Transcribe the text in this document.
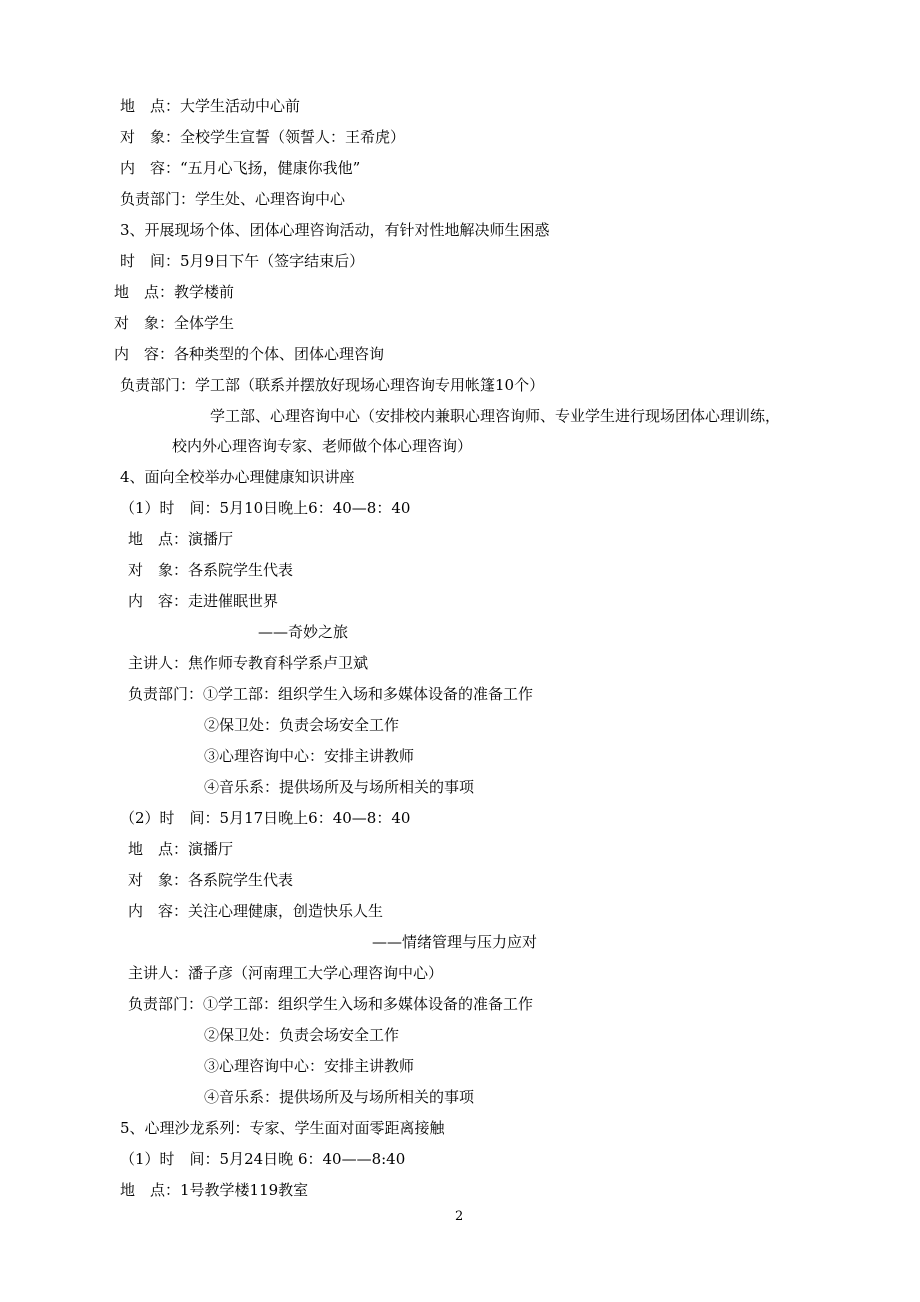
地　点：大学生活动中心前
对　象：全校学生宣誓（领誓人：王希虎）
内　容：“五月心飞扬，健康你我他”
负责部门：学生处、心理咨询中心
3、开展现场个体、团体心理咨询活动，有针对性地解决师生困惑
时　间：5月9日下午（签字结束后）
地　点：教学楼前
对　象：全体学生
内　容：各种类型的个体、团体心理咨询
负责部门：学工部（联系并摆放好现场心理咨询专用帐篷10个）
学工部、心理咨询中心（安排校内兼职心理咨询师、专业学生进行现场团体心理训练，
校内外心理咨询专家、老师做个体心理咨询）
4、面向全校举办心理健康知识讲座
（1）时　间：5月10日晚上6：40—8：40
地　点：演播厅
对　象：各系院学生代表
内　容：走进催眠世界
——奇妙之旅
主讲人：焦作师专教育科学系卢卫斌
负责部门：①学工部：组织学生入场和多媒体设备的准备工作
②保卫处：负责会场安全工作
③心理咨询中心：安排主讲教师
④音乐系：提供场所及与场所相关的事项
（2）时　间：5月17日晚上6：40—8：40
地　点：演播厅
对　象：各系院学生代表
内　容：关注心理健康，创造快乐人生
——情绪管理与压力应对
主讲人：潘子彦（河南理工大学心理咨询中心）
负责部门：①学工部：组织学生入场和多媒体设备的准备工作
②保卫处：负责会场安全工作
③心理咨询中心：安排主讲教师
④音乐系：提供场所及与场所相关的事项
5、心理沙龙系列：专家、学生面对面零距离接触
（1）时　间：5月24日晚 6：40——8:40
地　点：1号教学楼119教室
2
